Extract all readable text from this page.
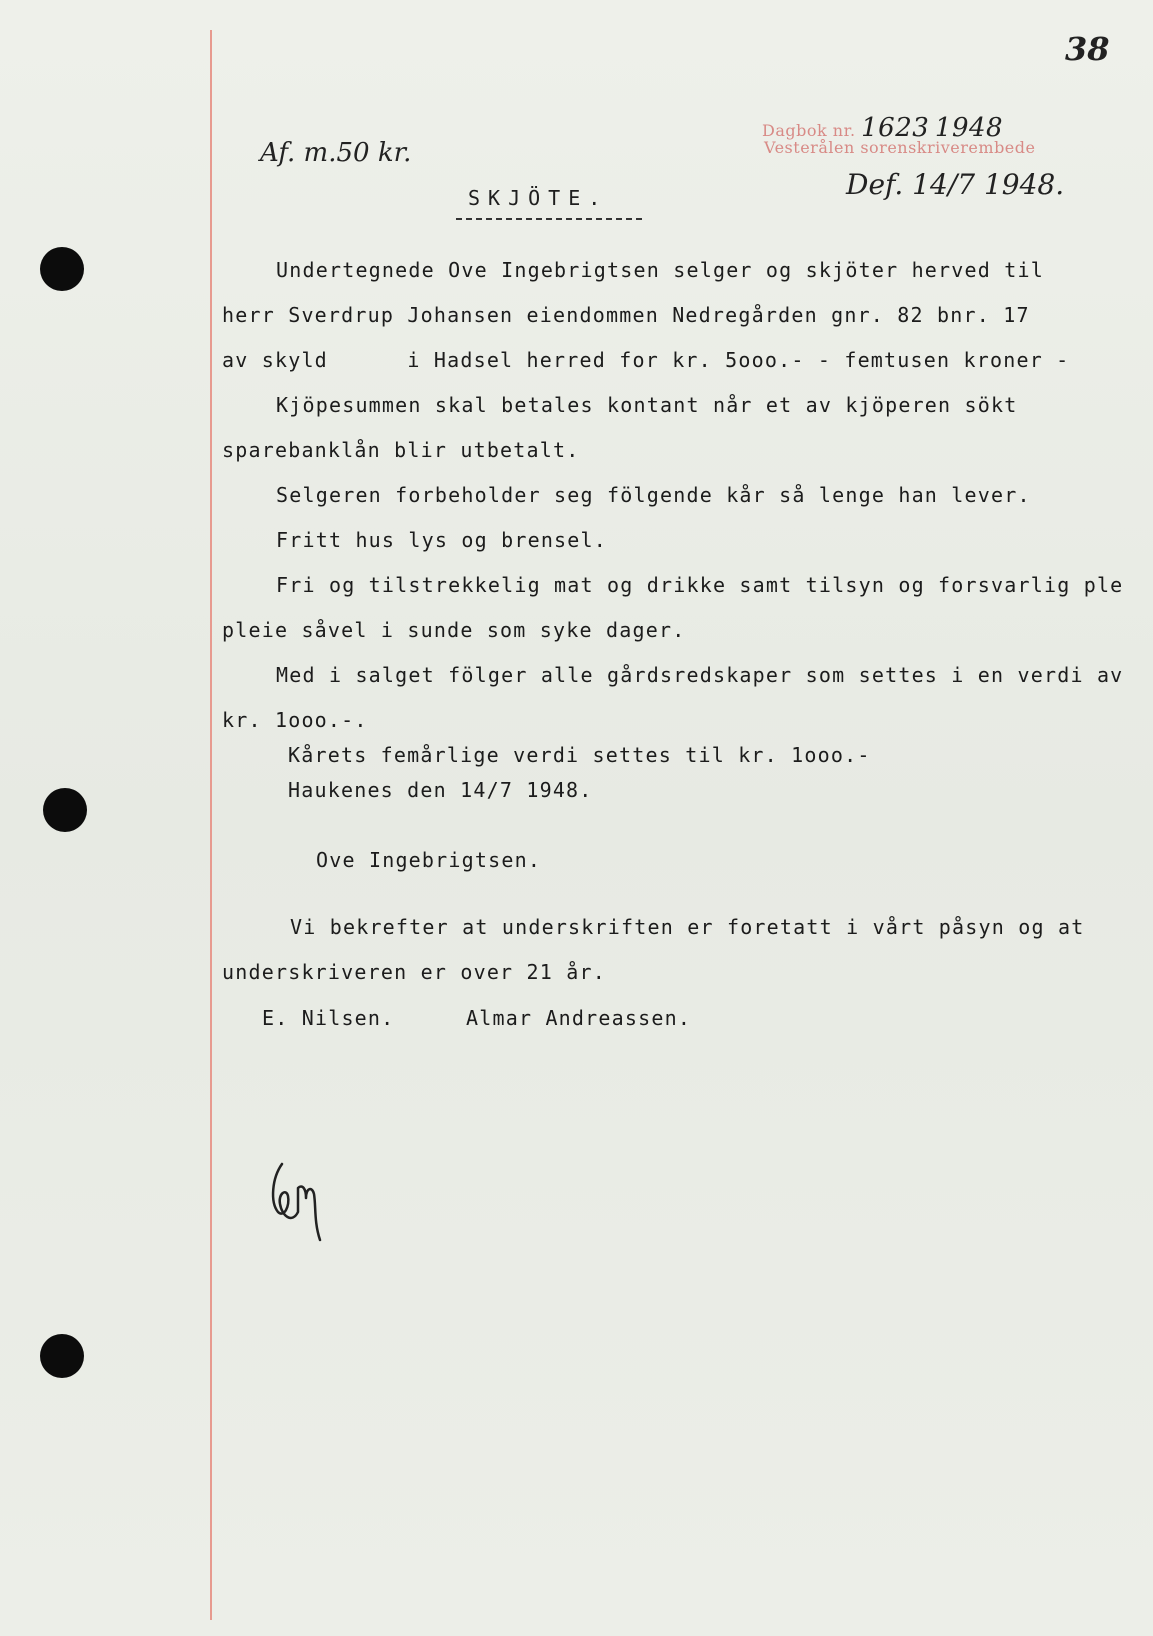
38
Af. m.50 kr.
Dagbok nr. 1623 1948
Vesterålen sorenskriverembede
Def. 14/7 1948.
SKJÖTE.
Undertegnede Ove Ingebrigtsen selger og skjöter herved til
herr Sverdrup Johansen eiendommen Nedregården gnr. 82 bnr. 17
av skyld      i Hadsel herred for kr. 5ooo.- - femtusen kroner -
Kjöpesummen skal betales kontant når et av kjöperen sökt
sparebanklån blir utbetalt.
Selgeren forbeholder seg fölgende kår så lenge han lever.
Fritt hus lys og brensel.
Fri og tilstrekkelig mat og drikke samt tilsyn og forsvarlig ple
pleie såvel i sunde som syke dager.
Med i salget fölger alle gårdsredskaper som settes i en verdi av
kr. 1ooo.-.
Kårets femårlige verdi settes til kr. 1ooo.-
Haukenes den 14/7 1948.
Ove Ingebrigtsen.
Vi bekrefter at underskriften er foretatt i vårt påsyn og at
underskriveren er over 21 år.
E. Nilsen.	Almar Andreassen.
